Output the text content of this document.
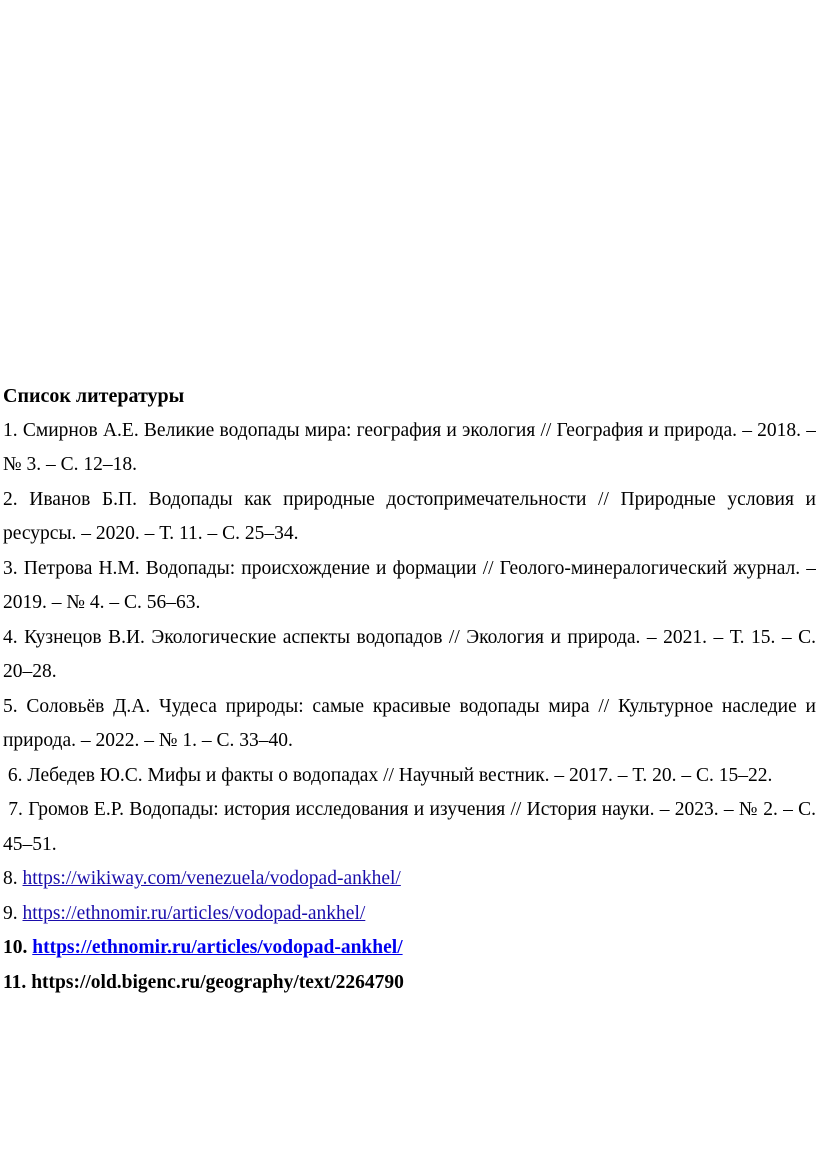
Список литературы
1. Смирнов А.Е. Великие водопады мира: география и экология // География и природа. – 2018. – № 3. – С. 12–18.
2. Иванов Б.П. Водопады как природные достопримечательности // Природные условия и ресурсы. – 2020. – Т. 11. – С. 25–34.
3. Петрова Н.М. Водопады: происхождение и формации // Геолого-минералогический журнал. – 2019. – № 4. – С. 56–63.
4. Кузнецов В.И. Экологические аспекты водопадов // Экология и природа. – 2021. – Т. 15. – С. 20–28.
5. Соловьёв Д.А. Чудеса природы: самые красивые водопады мира // Культурное наследие и природа. – 2022. – № 1. – С. 33–40.
6. Лебедев Ю.С. Мифы и факты о водопадах // Научный вестник. – 2017. – Т. 20. – С. 15–22.
7. Громов Е.Р. Водопады: история исследования и изучения // История науки. – 2023. – № 2. – С. 45–51.
8. https://wikiway.com/venezuela/vodopad-ankhel/
9. https://ethnomir.ru/articles/vodopad-ankhel/
10. https://ethnomir.ru/articles/vodopad-ankhel/
11. https://old.bigenc.ru/geography/text/2264790
